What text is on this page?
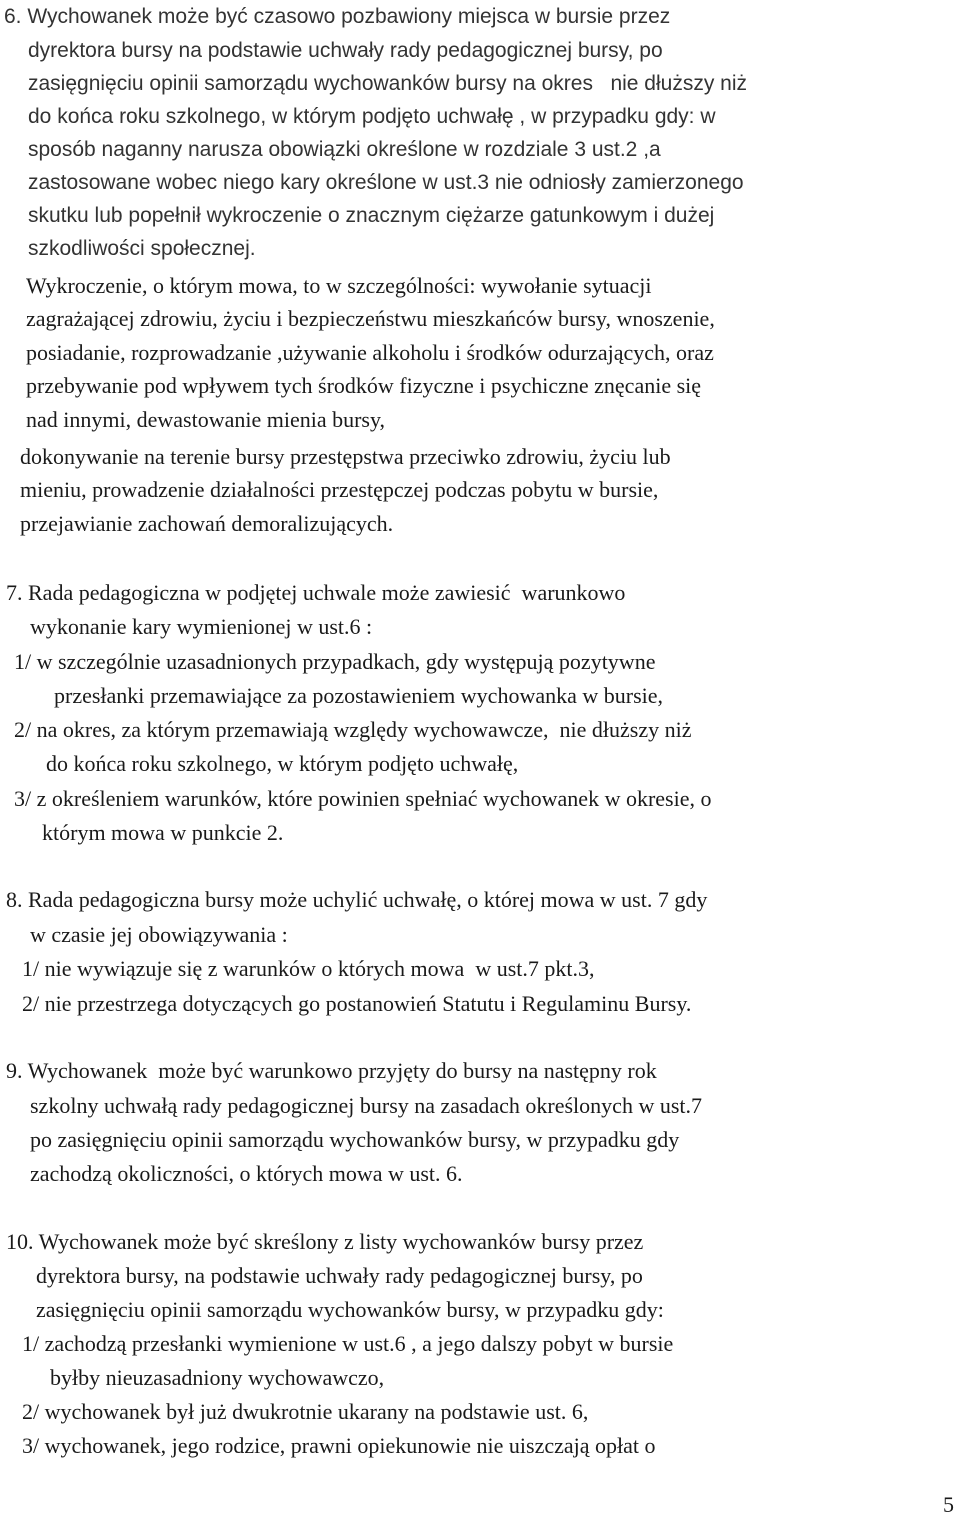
6. Wychowanek może być czasowo pozbawiony miejsca w bursie przez
dyrektora bursy na podstawie uchwały rady pedagogicznej bursy, po
zasięgnięciu opinii samorządu wychowanków bursy na okres   nie dłuższy niż
do końca roku szkolnego, w którym podjęto uchwałę , w przypadku gdy: w
sposób naganny narusza obowiązki określone w rozdziale 3 ust.2 ,a
zastosowane wobec niego kary określone w ust.3 nie odniosły zamierzonego
skutku lub popełnił wykroczenie o znacznym ciężarze gatunkowym i dużej
szkodliwości społecznej.
Wykroczenie, o którym mowa, to w szczególności: wywołanie sytuacji
zagrażającej zdrowiu, życiu i bezpieczeństwu mieszkańców bursy, wnoszenie,
posiadanie, rozprowadzanie ,używanie alkoholu i środków odurzających, oraz
przebywanie pod wpływem tych środków fizyczne i psychiczne znęcanie się
nad innymi, dewastowanie mienia bursy,
dokonywanie na terenie bursy przestępstwa przeciwko zdrowiu, życiu lub
mieniu, prowadzenie działalności przestępczej podczas pobytu w bursie,
przejawianie zachowań demoralizujących.
7. Rada pedagogiczna w podjętej uchwale może zawiesić  warunkowo
wykonanie kary wymienionej w ust.6 :
1/ w szczególnie uzasadnionych przypadkach, gdy występują pozytywne
przesłanki przemawiające za pozostawieniem wychowanka w bursie,
2/ na okres, za którym przemawiają względy wychowawcze,  nie dłuższy niż
do końca roku szkolnego, w którym podjęto uchwałę,
3/ z określeniem warunków, które powinien spełniać wychowanek w okresie, o
którym mowa w punkcie 2.
8. Rada pedagogiczna bursy może uchylić uchwałę, o której mowa w ust. 7 gdy
w czasie jej obowiązywania :
1/ nie wywiązuje się z warunków o których mowa  w ust.7 pkt.3,
2/ nie przestrzega dotyczących go postanowień Statutu i Regulaminu Bursy.
9. Wychowanek  może być warunkowo przyjęty do bursy na następny rok
szkolny uchwałą rady pedagogicznej bursy na zasadach określonych w ust.7
po zasięgnięciu opinii samorządu wychowanków bursy, w przypadku gdy
zachodzą okoliczności, o których mowa w ust. 6.
10. Wychowanek może być skreślony z listy wychowanków bursy przez
dyrektora bursy, na podstawie uchwały rady pedagogicznej bursy, po
zasięgnięciu opinii samorządu wychowanków bursy, w przypadku gdy:
1/ zachodzą przesłanki wymienione w ust.6 , a jego dalszy pobyt w bursie
byłby nieuzasadniony wychowawczo,
2/ wychowanek był już dwukrotnie ukarany na podstawie ust. 6,
3/ wychowanek, jego rodzice, prawni opiekunowie nie uiszczają opłat o
5
